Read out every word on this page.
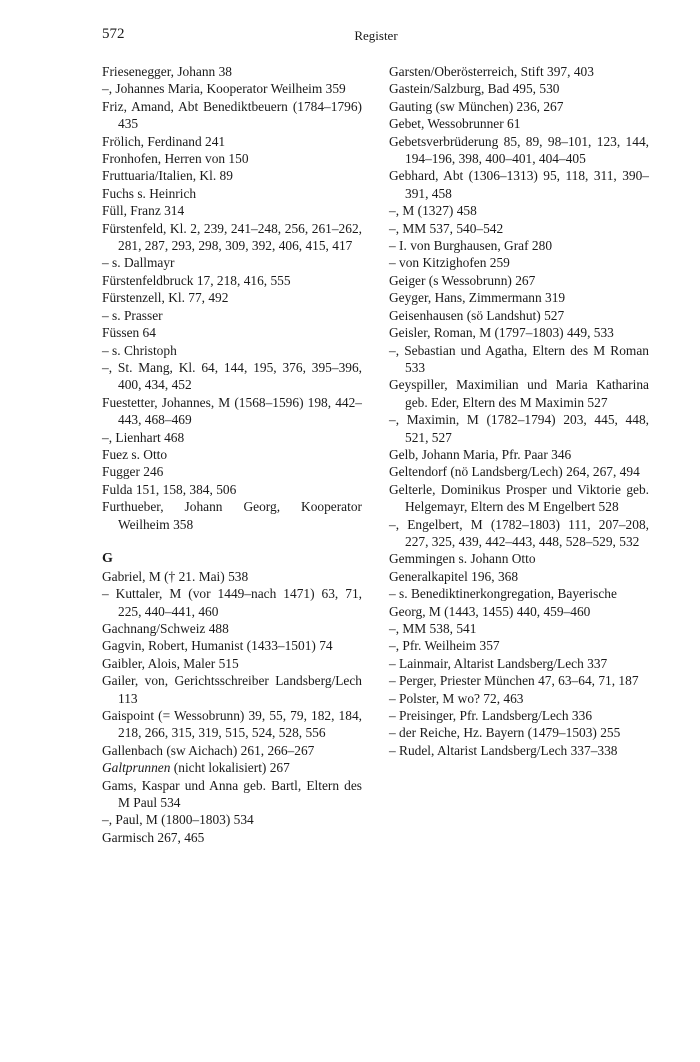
572	Register
Friesenegger, Johann 38
–, Johannes Maria, Kooperator Weilheim 359
Friz, Amand, Abt Benediktbeuern (1784–1796) 435
Frölich, Ferdinand 241
Fronhofen, Herren von 150
Fruttuaria/Italien, Kl. 89
Fuchs s. Heinrich
Füll, Franz 314
Fürstenfeld, Kl. 2, 239, 241–248, 256, 261–262, 281, 287, 293, 298, 309, 392, 406, 415, 417
– s. Dallmayr
Fürstenfeldbruck 17, 218, 416, 555
Fürstenzell, Kl. 77, 492
– s. Prasser
Füssen 64
– s. Christoph
–, St. Mang, Kl. 64, 144, 195, 376, 395–396, 400, 434, 452
Fuestetter, Johannes, M (1568–1596) 198, 442–443, 468–469
–, Lienhart 468
Fuez s. Otto
Fugger 246
Fulda 151, 158, 384, 506
Furthueber, Johann Georg, Kooperator Weilheim 358
G
Gabriel, M († 21. Mai) 538
– Kuttaler, M (vor 1449–nach 1471) 63, 71, 225, 440–441, 460
Gachnang/Schweiz 488
Gagvin, Robert, Humanist (1433–1501) 74
Gaibler, Alois, Maler 515
Gailer, von, Gerichtsschreiber Landsberg/Lech 113
Gaispoint (= Wessobrunn) 39, 55, 79, 182, 184, 218, 266, 315, 319, 515, 524, 528, 556
Gallenbach (sw Aichach) 261, 266–267
Galtprunnen (nicht lokalisiert) 267
Gams, Kaspar und Anna geb. Bartl, Eltern des M Paul 534
–, Paul, M (1800–1803) 534
Garmisch 267, 465
Garsten/Oberösterreich, Stift 397, 403
Gastein/Salzburg, Bad 495, 530
Gauting (sw München) 236, 267
Gebet, Wessobrunner 61
Gebetsverbrüderung 85, 89, 98–101, 123, 144, 194–196, 398, 400–401, 404–405
Gebhard, Abt (1306–1313) 95, 118, 311, 390–391, 458
–, M (1327) 458
–, MM 537, 540–542
– I. von Burghausen, Graf 280
– von Kitzighofen 259
Geiger (s Wessobrunn) 267
Geyger, Hans, Zimmermann 319
Geisenhausen (sö Landshut) 527
Geisler, Roman, M (1797–1803) 449, 533
–, Sebastian und Agatha, Eltern des M Roman 533
Geyspiller, Maximilian und Maria Katharina geb. Eder, Eltern des M Maximin 527
–, Maximin, M (1782–1794) 203, 445, 448, 521, 527
Gelb, Johann Maria, Pfr. Paar 346
Geltendorf (nö Landsberg/Lech) 264, 267, 494
Gelterle, Dominikus Prosper und Viktorie geb. Helgemayr, Eltern des M Engelbert 528
–, Engelbert, M (1782–1803) 111, 207–208, 227, 325, 439, 442–443, 448, 528–529, 532
Gemmingen s. Johann Otto
Generalkapitel 196, 368
– s. Benediktinerkongregation, Bayerische
Georg, M (1443, 1455) 440, 459–460
–, MM 538, 541
–, Pfr. Weilheim 357
– Lainmair, Altarist Landsberg/Lech 337
– Perger, Priester München 47, 63–64, 71, 187
– Polster, M wo? 72, 463
– Preisinger, Pfr. Landsberg/Lech 336
– der Reiche, Hz. Bayern (1479–1503) 255
– Rudel, Altarist Landsberg/Lech 337–338
